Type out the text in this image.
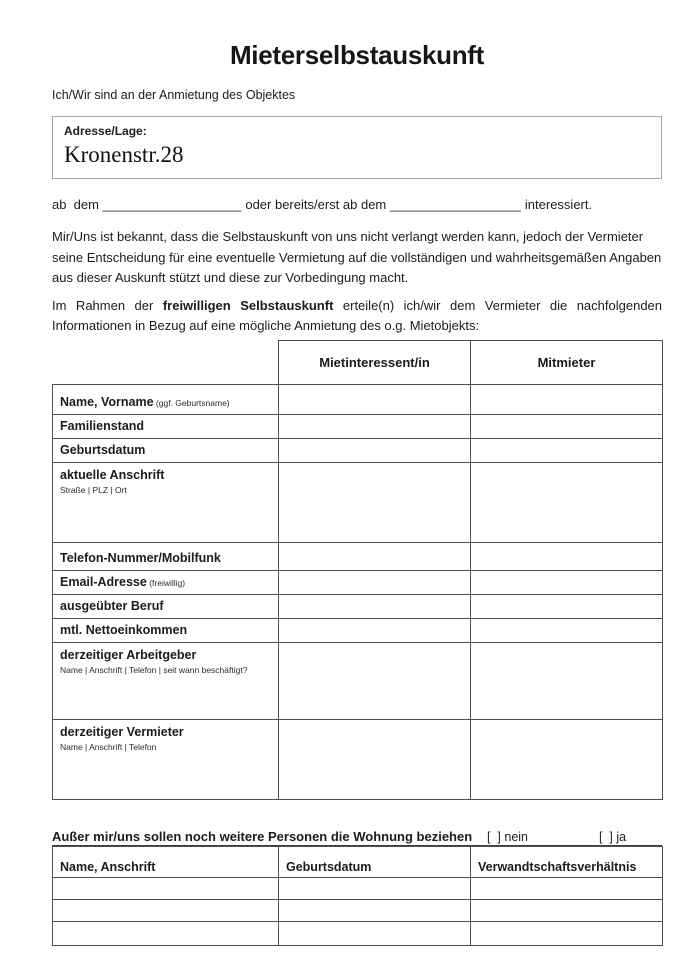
Mieterselbstauskunft

Ich/Wir sind an der Anmietung des Objektes

Adresse/Lage:
Kronenstr.28

ab  dem __________________ oder bereits/erst ab dem _________________ interessiert.

Mir/Uns ist bekannt, dass die Selbstauskunft von uns nicht verlangt werden kann, jedoch der Vermieter seine Entscheidung für eine eventuelle Vermietung auf die vollständigen und wahrheitsgemäßen Angaben aus dieser Auskunft stützt und diese zur Vorbedingung macht.

Im Rahmen der freiwilligen Selbstauskunft erteile(n) ich/wir dem Vermieter die nachfolgenden Informationen in Bezug auf eine mögliche Anmietung des o.g. Mietobjekts:

	Mietinteressent/in	Mitmieter
Name, Vorname (ggf. Geburtsname)		
Familienstand		
Geburtsdatum		
aktuelle Anschrift
Straße | PLZ | Ort		

Telefon-Nummer/Mobilfunk		
Email-Adresse (freiwillig)		
ausgeübter Beruf		
mtl. Nettoeinkommen		
derzeitiger Arbeitgeber
Name | Anschrift | Telefon | seit wann beschäftigt?		

derzeitiger Vermieter
Name | Anschrift | Telefon		

Außer mir/uns sollen noch weitere Personen die Wohnung beziehen [  ] nein	[  ] ja
Name, Anschrift	Geburtsdatum	Verwandtschaftsverhältnis
